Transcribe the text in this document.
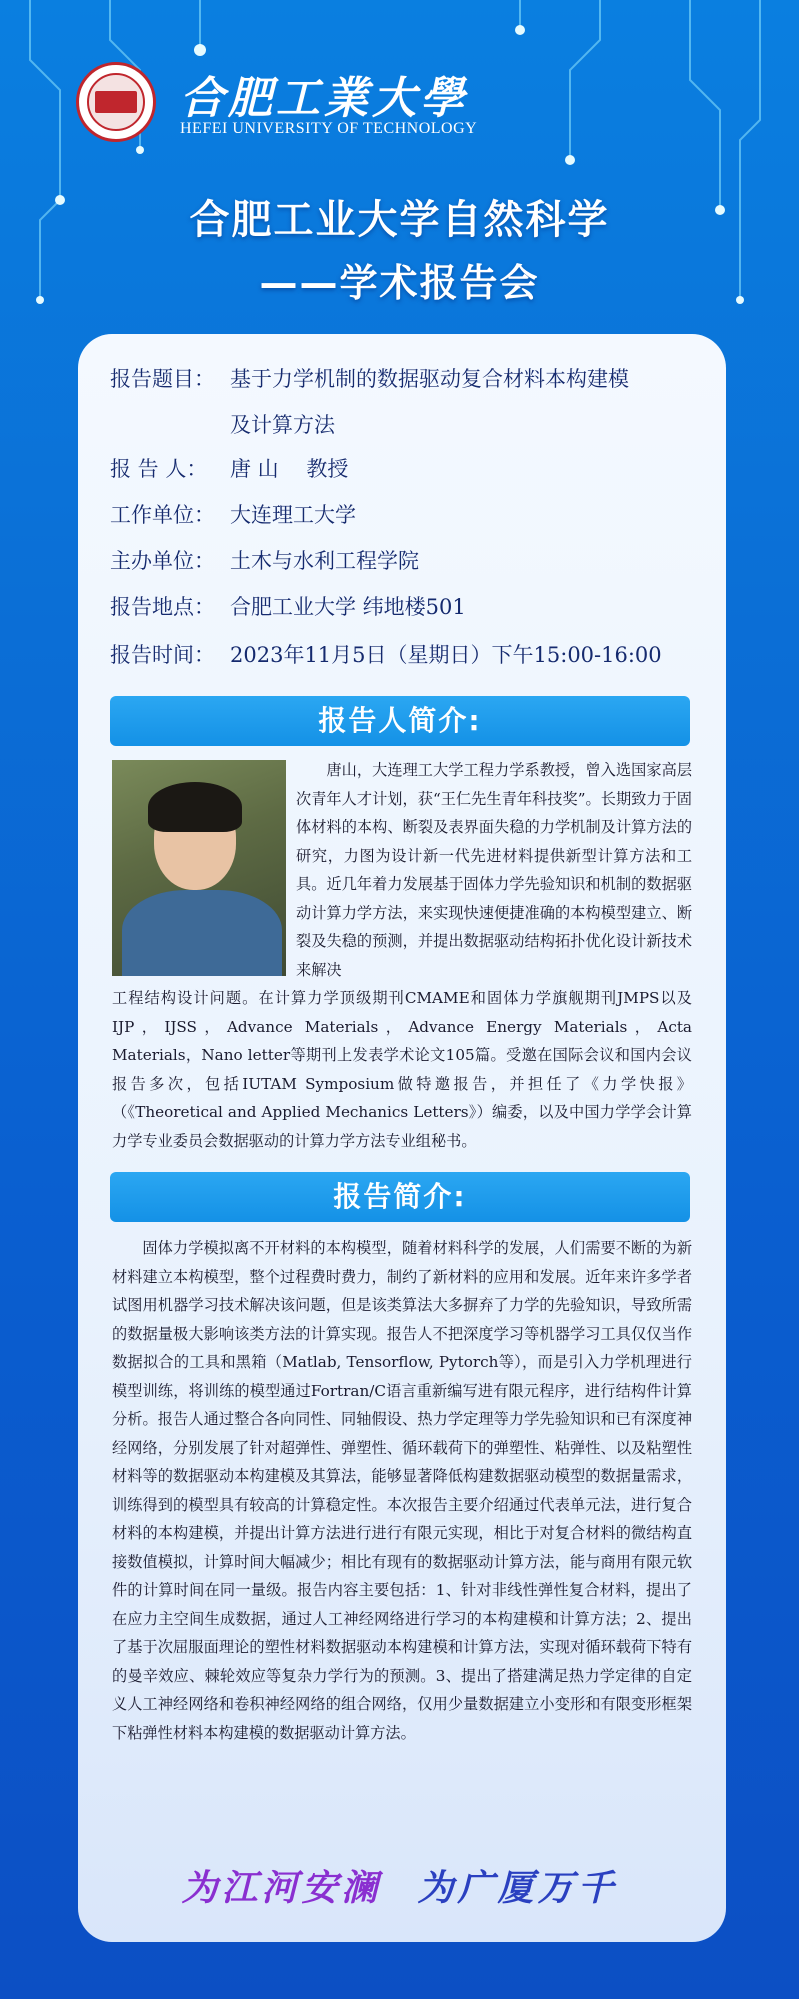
合肥工業大學
HEFEI UNIVERSITY OF TECHNOLOGY
合肥工业大学自然科学
——学术报告会
报告题目： 基于力学机制的数据驱动复合材料本构建模
及计算方法
报 告 人： 唐 山　 教授
工作单位： 大连理工大学
主办单位： 土木与水利工程学院
报告地点： 合肥工业大学 纬地楼501
报告时间： 2023年11月5日（星期日）下午15:00-16:00
报告人简介:
唐山，大连理工大学工程力学系教授，曾入选国家高层次青年人才计划，获“王仁先生青年科技奖”。长期致力于固体材料的本构、断裂及表界面失稳的力学机制及计算方法的研究，力图为设计新一代先进材料提供新型计算方法和工具。近几年着力发展基于固体力学先验知识和机制的数据驱动计算力学方法，来实现快速便捷准确的本构模型建立、断裂及失稳的预测，并提出数据驱动结构拓扑优化设计新技术来解决
工程结构设计问题。在计算力学顶级期刊CMAME和固体力学旗舰期刊JMPS以及IJP，IJSS，Advance Materials，Advance Energy Materials，Acta Materials，Nano letter等期刊上发表学术论文105篇。受邀在国际会议和国内会议报告多次，包括IUTAM Symposium做特邀报告，并担任了《力学快报》（《Theoretical and Applied Mechanics Letters》）编委，以及中国力学学会计算力学专业委员会数据驱动的计算力学方法专业组秘书。
报告简介:
固体力学模拟离不开材料的本构模型，随着材料科学的发展，人们需要不断的为新材料建立本构模型，整个过程费时费力，制约了新材料的应用和发展。近年来许多学者试图用机器学习技术解决该问题，但是该类算法大多摒弃了力学的先验知识，导致所需的数据量极大影响该类方法的计算实现。报告人不把深度学习等机器学习工具仅仅当作数据拟合的工具和黑箱（Matlab, Tensorflow, Pytorch等），而是引入力学机理进行模型训练，将训练的模型通过Fortran/C语言重新编写进有限元程序，进行结构件计算分析。报告人通过整合各向同性、同轴假设、热力学定理等力学先验知识和已有深度神经网络，分别发展了针对超弹性、弹塑性、循环载荷下的弹塑性、粘弹性、以及粘塑性材料等的数据驱动本构建模及其算法，能够显著降低构建数据驱动模型的数据量需求，训练得到的模型具有较高的计算稳定性。本次报告主要介绍通过代表单元法，进行复合材料的本构建模，并提出计算方法进行进行有限元实现，相比于对复合材料的微结构直接数值模拟，计算时间大幅减少；相比有现有的数据驱动计算方法，能与商用有限元软件的计算时间在同一量级。报告内容主要包括：1、针对非线性弹性复合材料，提出了在应力主空间生成数据，通过人工神经网络进行学习的本构建模和计算方法；2、提出了基于次屈服面理论的塑性材料数据驱动本构建模和计算方法，实现对循环载荷下特有的曼辛效应、棘轮效应等复杂力学行为的预测。3、提出了搭建满足热力学定律的自定义人工神经网络和卷积神经网络的组合网络，仅用少量数据建立小变形和有限变形框架下粘弹性材料本构建模的数据驱动计算方法。
为江河安澜 为广厦万千
